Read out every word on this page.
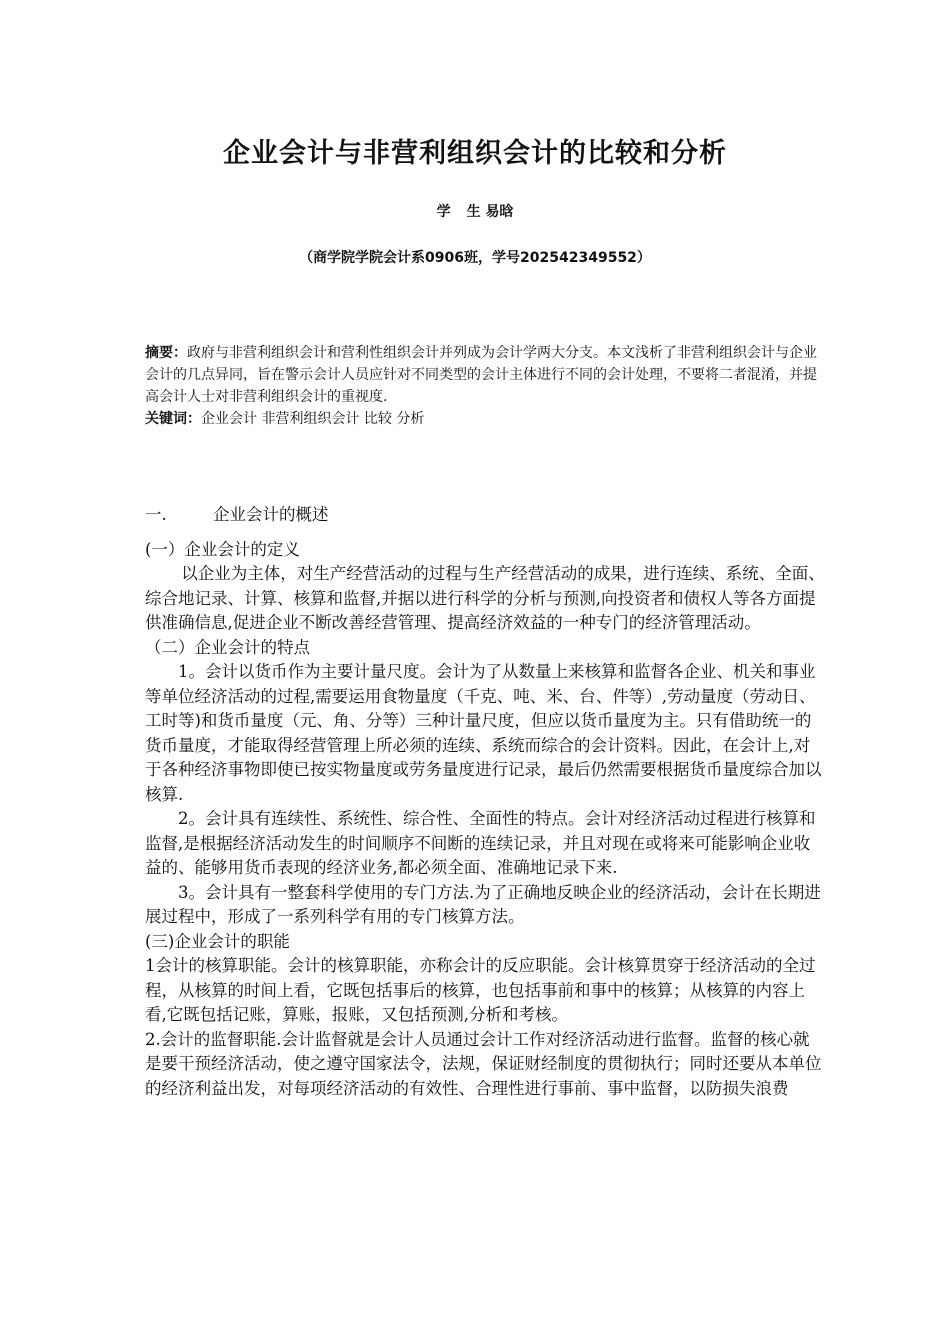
企业会计与非营利组织会计的比较和分析
学 生 易晗
（商学院学院会计系0906班，学号202542349552）
摘要：政府与非营利组织会计和营利性组织会计并列成为会计学两大分支。本文浅析了非营利组织会计与企业会计的几点异同，旨在警示会计人员应针对不同类型的会计主体进行不同的会计处理，不要将二者混淆，并提高会计人士对非营利组织会计的重视度.
关键词：企业会计 非营利组织会计 比较 分析

一.	企业会计的概述

(一）企业会计的定义

以企业为主体，对生产经营活动的过程与生产经营活动的成果，进行连续、系统、全面、综合地记录、计算、核算和监督,并据以进行科学的分析与预测,向投资者和债权人等各方面提供准确信息,促进企业不断改善经营管理、提高经济效益的一种专门的经济管理活动。

（二）企业会计的特点

1。会计以货币作为主要计量尺度。会计为了从数量上来核算和监督各企业、机关和事业等单位经济活动的过程,需要运用食物量度（千克、吨、米、台、件等）,劳动量度（劳动日、工时等)和货币量度（元、角、分等）三种计量尺度，但应以货币量度为主。只有借助统一的货币量度，才能取得经营管理上所必须的连续、系统而综合的会计资料。因此，在会计上,对于各种经济事物即使已按实物量度或劳务量度进行记录，最后仍然需要根据货币量度综合加以核算.

2。会计具有连续性、系统性、综合性、全面性的特点。会计对经济活动过程进行核算和监督,是根据经济活动发生的时间顺序不间断的连续记录，并且对现在或将来可能影响企业收益的、能够用货币表现的经济业务,都必须全面、准确地记录下来.

3。会计具有一整套科学使用的专门方法.为了正确地反映企业的经济活动，会计在长期进展过程中，形成了一系列科学有用的专门核算方法。

(三)企业会计的职能

1会计的核算职能。会计的核算职能，亦称会计的反应职能。会计核算贯穿于经济活动的全过程，从核算的时间上看，它既包括事后的核算，也包括事前和事中的核算；从核算的内容上看,它既包括记账，算账，报账，又包括预测,分析和考核。

2.会计的监督职能.会计监督就是会计人员通过会计工作对经济活动进行监督。监督的核心就是要干预经济活动，使之遵守国家法令，法规，保证财经制度的贯彻执行；同时还要从本单位的经济利益出发，对每项经济活动的有效性、合理性进行事前、事中监督，以防损失浪费
